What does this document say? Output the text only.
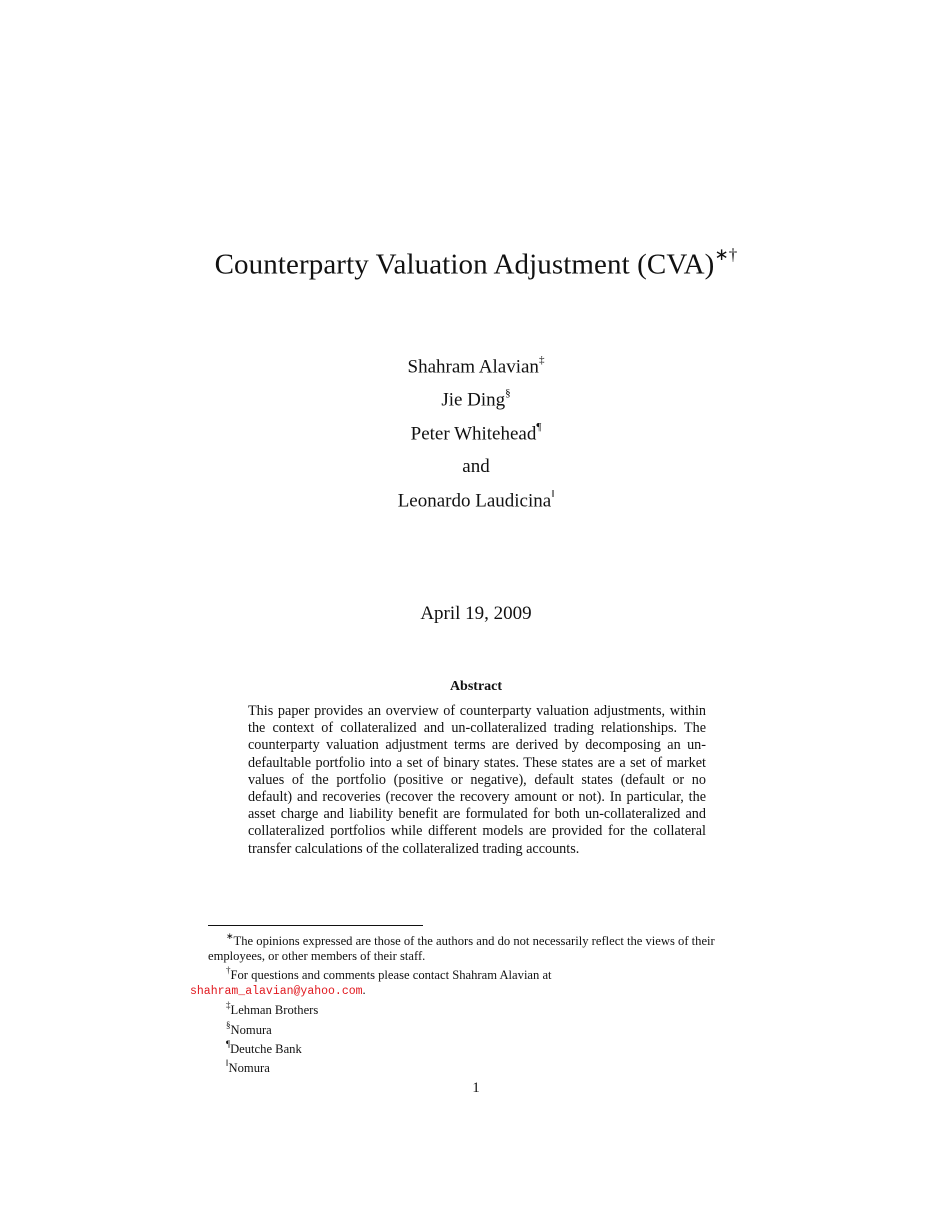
Counterparty Valuation Adjustment (CVA)∗†
Shahram Alavian‡
Jie Ding§
Peter Whitehead¶
and
Leonardo Laudicina‖
April 19, 2009
Abstract
This paper provides an overview of counterparty valuation adjustments, within the context of collateralized and un-collateralized trading relationships. The counterparty valuation adjustment terms are derived by decomposing an un-defaultable portfolio into a set of binary states. These states are a set of market values of the portfolio (positive or negative), default states (default or no default) and recoveries (recover the recovery amount or not). In particular, the asset charge and liability benefit are formulated for both un-collateralized and collateralized portfolios while different models are provided for the collateral transfer calculations of the collateralized trading accounts.
∗The opinions expressed are those of the authors and do not necessarily reflect the views of their employees, or other members of their staff.
†For questions and comments please contact Shahram Alavian at
shahram_alavian@yahoo.com.
‡Lehman Brothers
§Nomura
¶Deutche Bank
‖Nomura
1
